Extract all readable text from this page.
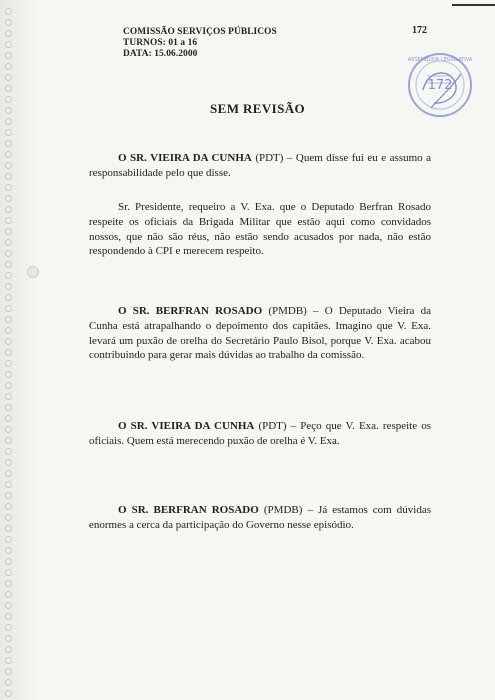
COMISSÃO SERVIÇOS PÚBLICOS
TURNOS: 01 a 16
DATA: 15.06.2000
172
SEM REVISÃO
ASSEMBLEIA LEGISLATIVA
172
O SR. VIEIRA DA CUNHA (PDT) – Quem disse fui eu e assumo a responsabilidade pelo que disse.
Sr. Presidente, requeiro a V. Exa. que o Deputado Berfran Rosado respeite os oficiais da Brigada Militar que estão aqui como convidados nossos, que não são réus, não estão sendo acusados por nada, não estão respondendo à CPI e merecem respeito.
O SR. BERFRAN ROSADO (PMDB) – O Deputado Vieira da Cunha está atrapalhando o depoimento dos capitães. Imagino que V. Exa. levará um puxão de orelha do Secretário Paulo Bisol, porque V. Exa. acabou contribuindo para gerar mais dúvidas ao trabalho da comissão.
O SR. VIEIRA DA CUNHA (PDT) – Peço que V. Exa. respeite os oficiais. Quem está merecendo puxão de orelha é V. Exa.
O SR. BERFRAN ROSADO (PMDB) – Já estamos com dúvidas enormes a cerca da participação do Governo nesse episódio.
